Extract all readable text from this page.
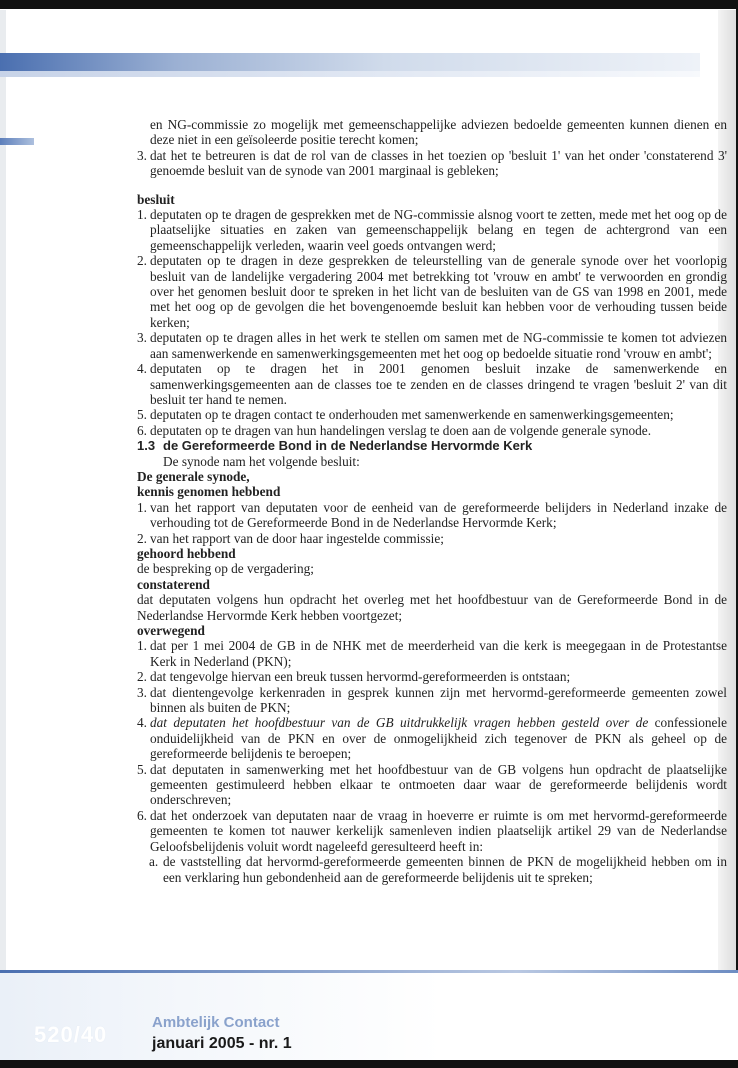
en NG-commissie zo mogelijk met gemeenschappelijke adviezen bedoelde gemeenten kunnen dienen en deze niet in een geïsoleerde positie terecht komen;

3. dat het te betreuren is dat de rol van de classes in het toezien op 'besluit 1' van het onder 'constaterend 3' genoemde besluit van de synode van 2001 marginaal is gebleken;

besluit

1. deputaten op te dragen de gesprekken met de NG-commissie alsnog voort te zetten, mede met het oog op de plaatselijke situaties en zaken van gemeenschappelijk belang en tegen de achtergrond van een gemeenschappelijk verleden, waarin veel goeds ontvangen werd;
2. deputaten op te dragen in deze gesprekken de teleurstelling van de generale synode over het voorlopig besluit van de landelijke vergadering 2004 met betrekking tot 'vrouw en ambt' te verwoorden en grondig over het genomen besluit door te spreken in het licht van de besluiten van de GS van 1998 en 2001, mede met het oog op de gevolgen die het bovengenoemde besluit kan hebben voor de verhouding tussen beide kerken;
3. deputaten op te dragen alles in het werk te stellen om samen met de NG-commissie te komen tot adviezen aan samenwerkende en samenwerkingsgemeenten met het oog op bedoelde situatie rond 'vrouw en ambt';
4. deputaten op te dragen het in 2001 genomen besluit inzake de samenwerkende en samenwerkingsgemeenten aan de classes toe te zenden en de classes dringend te vragen 'besluit 2' van dit besluit ter hand te nemen.
5. deputaten op te dragen contact te onderhouden met samenwerkende en samenwerkingsgemeenten;
6. deputaten op te dragen van hun handelingen verslag te doen aan de volgende generale synode.

1.3 de Gereformeerde Bond in de Nederlandse Hervormde Kerk

De synode nam het volgende besluit:

De generale synode,

kennis genomen hebbend

1. van het rapport van deputaten voor de eenheid van de gereformeerde belijders in Nederland inzake de verhouding tot de Gereformeerde Bond in de Nederlandse Hervormde Kerk;
2. van het rapport van de door haar ingestelde commissie;

gehoord hebbend

de bespreking op de vergadering;

constaterend

dat deputaten volgens hun opdracht het overleg met het hoofdbestuur van de Gereformeerde Bond in de Nederlandse Hervormde Kerk hebben voortgezet;

overwegend

1. dat per 1 mei 2004 de GB in de NHK met de meerderheid van die kerk is meegegaan in de Protestantse Kerk in Nederland (PKN);
2. dat tengevolge hiervan een breuk tussen hervormd-gereformeerden is ontstaan;
3. dat dientengevolge kerkenraden in gesprek kunnen zijn met hervormd-gereformeerde gemeenten zowel binnen als buiten de PKN;
4. dat deputaten het hoofdbestuur van de GB uitdrukkelijk vragen hebben gesteld over de confessionele onduidelijkheid van de PKN en over de onmogelijkheid zich tegenover de PKN als geheel op de gereformeerde belijdenis te beroepen;
5. dat deputaten in samenwerking met het hoofdbestuur van de GB volgens hun opdracht de plaatselijke gemeenten gestimuleerd hebben elkaar te ontmoeten daar waar de gereformeerde belijdenis wordt onderschreven;
6. dat het onderzoek van deputaten naar de vraag in hoeverre er ruimte is om met hervormd-gereformeerde gemeenten te komen tot nauwer kerkelijk samenleven indien plaatselijk artikel 29 van de Nederlandse Geloofsbelijdenis voluit wordt nageleefd geresulteerd heeft in:
a. de vaststelling dat hervormd-gereformeerde gemeenten binnen de PKN de mogelijkheid hebben om in een verklaring hun gebondenheid aan de gereformeerde belijdenis uit te spreken;
520/40	Ambtelijk Contact
januari 2005 - nr. 1
